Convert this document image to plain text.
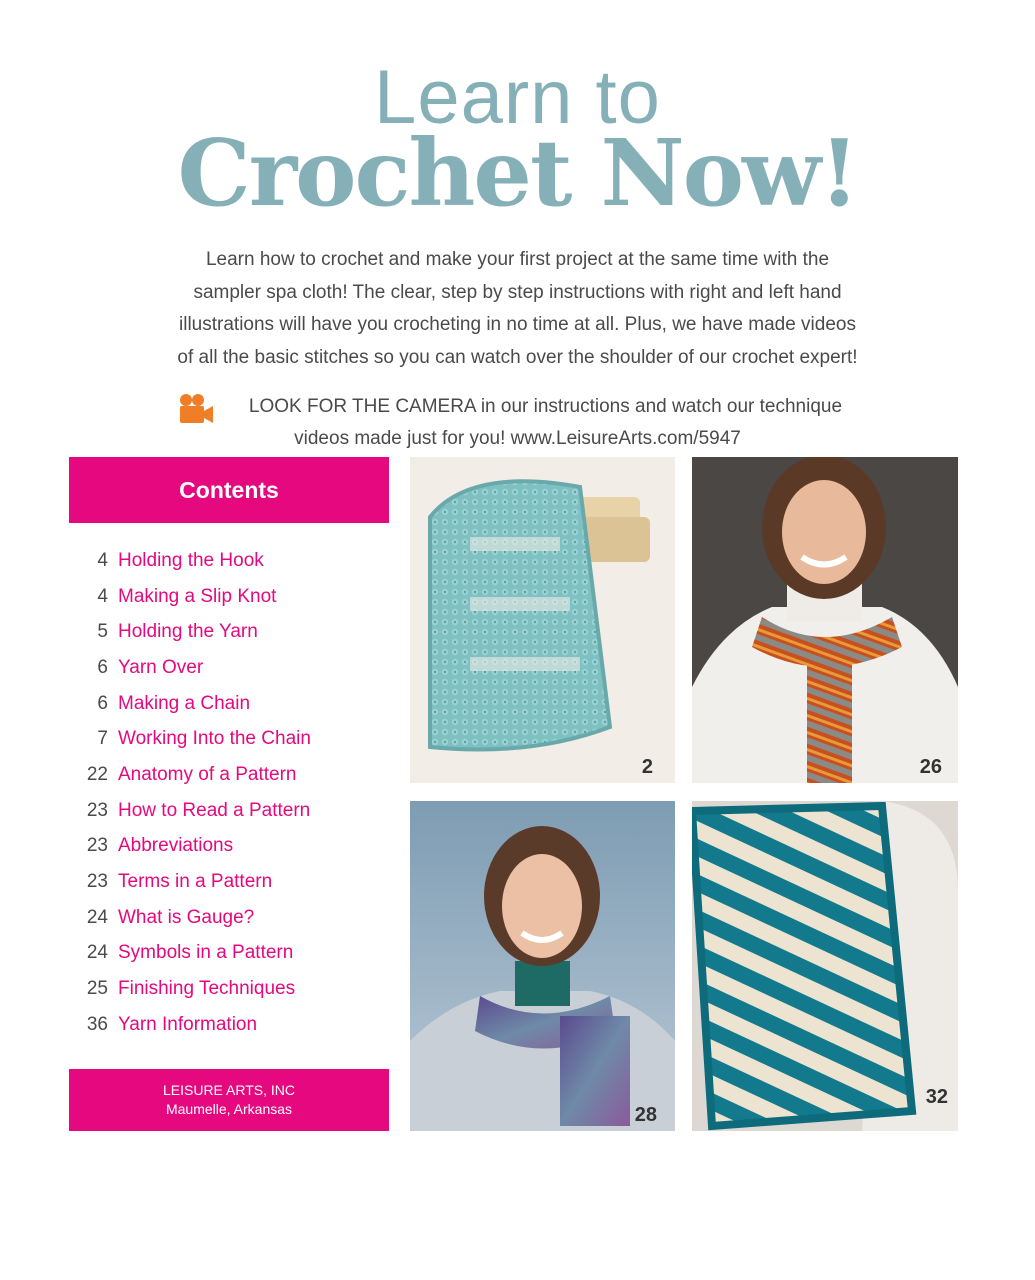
Learn to
Crochet Now!
Learn how to crochet and make your first project at the same time with the
sampler spa cloth! The clear, step by step instructions with right and left hand
illustrations will have you crocheting in no time at all. Plus, we have made videos
of all the basic stitches so you can watch over the shoulder of our crochet expert!
LOOK FOR THE CAMERA in our instructions and watch our technique
videos made just for you! www.LeisureArts.com/5947
Contents
4 Holding the Hook
4 Making a Slip Knot
5 Holding the Yarn
6 Yarn Over
6 Making a Chain
7 Working Into the Chain
22 Anatomy of a Pattern
23 How to Read a Pattern
23 Abbreviations
23 Terms in a Pattern
24 What is Gauge?
24 Symbols in a Pattern
25 Finishing Techniques
36 Yarn Information
LEISURE ARTS, INC
Maumelle, Arkansas
2	26
28
32
